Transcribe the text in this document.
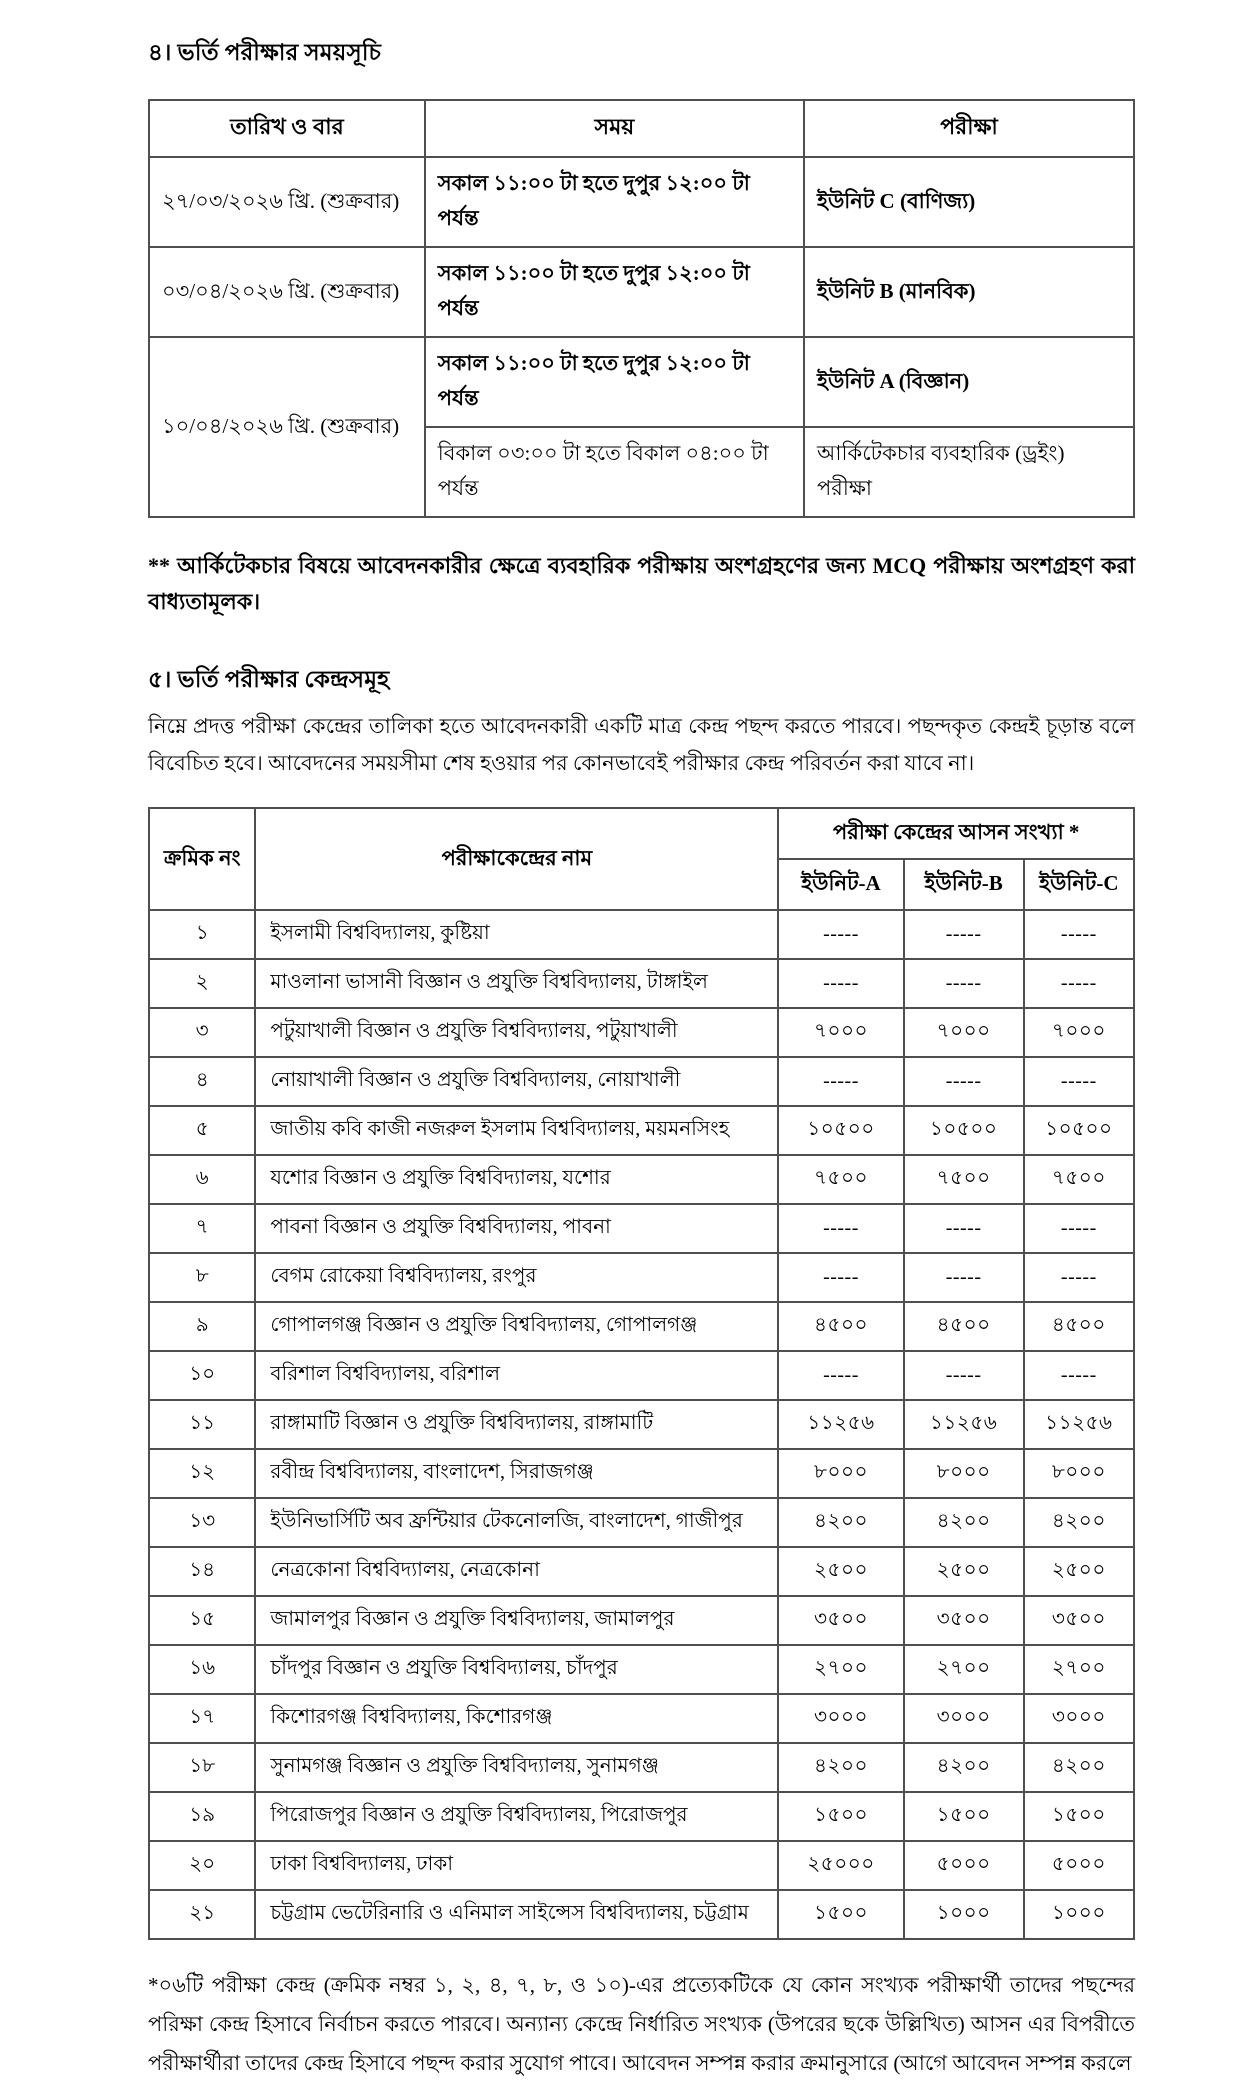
৪। ভর্তি পরীক্ষার সময়সূচি
তারিখ ও বার	সময়	পরীক্ষা
২৭/০৩/২০২৬ খ্রি. (শুক্রবার)	সকাল ১১:০০ টা হতে দুপুর ১২:০০ টা পর্যন্ত	ইউনিট C (বাণিজ্য)
০৩/০৪/২০২৬ খ্রি. (শুক্রবার)	সকাল ১১:০০ টা হতে দুপুর ১২:০০ টা পর্যন্ত	ইউনিট B (মানবিক)
১০/০৪/২০২৬ খ্রি. (শুক্রবার)	সকাল ১১:০০ টা হতে দুপুর ১২:০০ টা পর্যন্ত	ইউনিট A (বিজ্ঞান)
	বিকাল ০৩:০০ টা হতে বিকাল ০৪:০০ টা পর্যন্ত	আর্কিটেকচার ব্যবহারিক (ড্রইং) পরীক্ষা

** আর্কিটেকচার বিষয়ে আবেদনকারীর ক্ষেত্রে ব্যবহারিক পরীক্ষায় অংশগ্রহণের জন্য MCQ পরীক্ষায় অংশগ্রহণ করা বাধ্যতামূলক।

৫। ভর্তি পরীক্ষার কেন্দ্রসমূহ

নিম্নে প্রদত্ত পরীক্ষা কেন্দ্রের তালিকা হতে আবেদনকারী একটি মাত্র কেন্দ্র পছন্দ করতে পারবে। পছন্দকৃত কেন্দ্রই চূড়ান্ত বলে বিবেচিত হবে। আবেদনের সময়সীমা শেষ হওয়ার পর কোনভাবেই পরীক্ষার কেন্দ্র পরিবর্তন করা যাবে না।

ক্রমিক নং	পরীক্ষাকেন্দ্রের নাম	পরীক্ষা কেন্দ্রের আসন সংখ্যা *		
		ইউনিট-A	ইউনিট-B	ইউনিট-C
১	ইসলামী বিশ্ববিদ্যালয়, কুষ্টিয়া	-----	-----	-----
২	মাওলানা ভাসানী বিজ্ঞান ও প্রযুক্তি বিশ্ববিদ্যালয়, টাঙ্গাইল	-----	-----	-----
৩	পটুয়াখালী বিজ্ঞান ও প্রযুক্তি বিশ্ববিদ্যালয়, পটুয়াখালী	৭০০০	৭০০০	৭০০০
৪	নোয়াখালী বিজ্ঞান ও প্রযুক্তি বিশ্ববিদ্যালয়, নোয়াখালী	-----	-----	-----
৫	জাতীয় কবি কাজী নজরুল ইসলাম বিশ্ববিদ্যালয়, ময়মনসিংহ	১০৫০০	১০৫০০	১০৫০০
৬	যশোর বিজ্ঞান ও প্রযুক্তি বিশ্ববিদ্যালয়, যশোর	৭৫০০	৭৫০০	৭৫০০
৭	পাবনা বিজ্ঞান ও প্রযুক্তি বিশ্ববিদ্যালয়, পাবনা	-----	-----	-----
৮	বেগম রোকেয়া বিশ্ববিদ্যালয়, রংপুর	-----	-----	-----
৯	গোপালগঞ্জ বিজ্ঞান ও প্রযুক্তি বিশ্ববিদ্যালয়, গোপালগঞ্জ	৪৫০০	৪৫০০	৪৫০০
১০	বরিশাল বিশ্ববিদ্যালয়, বরিশাল	-----	-----	-----
১১	রাঙ্গামাটি বিজ্ঞান ও প্রযুক্তি বিশ্ববিদ্যালয়, রাঙ্গামাটি	১১২৫৬	১১২৫৬	১১২৫৬
১২	রবীন্দ্র বিশ্ববিদ্যালয়, বাংলাদেশ, সিরাজগঞ্জ	৮০০০	৮০০০	৮০০০
১৩	ইউনিভার্সিটি অব ফ্রন্টিয়ার টেকনোলজি, বাংলাদেশ, গাজীপুর	৪২০০	৪২০০	৪২০০
১৪	নেত্রকোনা বিশ্ববিদ্যালয়, নেত্রকোনা	২৫০০	২৫০০	২৫০০
১৫	জামালপুর বিজ্ঞান ও প্রযুক্তি বিশ্ববিদ্যালয়, জামালপুর	৩৫০০	৩৫০০	৩৫০০
১৬	চাঁদপুর বিজ্ঞান ও প্রযুক্তি বিশ্ববিদ্যালয়, চাঁদপুর	২৭০০	২৭০০	২৭০০
১৭	কিশোরগঞ্জ বিশ্ববিদ্যালয়, কিশোরগঞ্জ	৩০০০	৩০০০	৩০০০
১৮	সুনামগঞ্জ বিজ্ঞান ও প্রযুক্তি বিশ্ববিদ্যালয়, সুনামগঞ্জ	৪২০০	৪২০০	৪২০০
১৯	পিরোজপুর বিজ্ঞান ও প্রযুক্তি বিশ্ববিদ্যালয়, পিরোজপুর	১৫০০	১৫০০	১৫০০
২০	ঢাকা বিশ্ববিদ্যালয়, ঢাকা	২৫০০০	৫০০০	৫০০০
২১	চট্টগ্রাম ভেটেরিনারি ও এনিমাল সাইন্সেস বিশ্ববিদ্যালয়, চট্টগ্রাম	১৫০০	১০০০	১০০০

*০৬টি পরীক্ষা কেন্দ্র (ক্রমিক নম্বর ১, ২, ৪, ৭, ৮, ও ১০)-এর প্রত্যেকটিকে যে কোন সংখ্যক পরীক্ষার্থী তাদের পছন্দের পরিক্ষা কেন্দ্র হিসাবে নির্বাচন করতে পারবে। অন্যান্য কেন্দ্রে নির্ধারিত সংখ্যক (উপরের ছকে উল্লিখিত) আসন এর বিপরীতে পরীক্ষার্থীরা তাদের কেন্দ্র হিসাবে পছন্দ করার সুযোগ পাবে। আবেদন সম্পন্ন করার ক্রমানুসারে (আগে আবেদন সম্পন্ন করলে
